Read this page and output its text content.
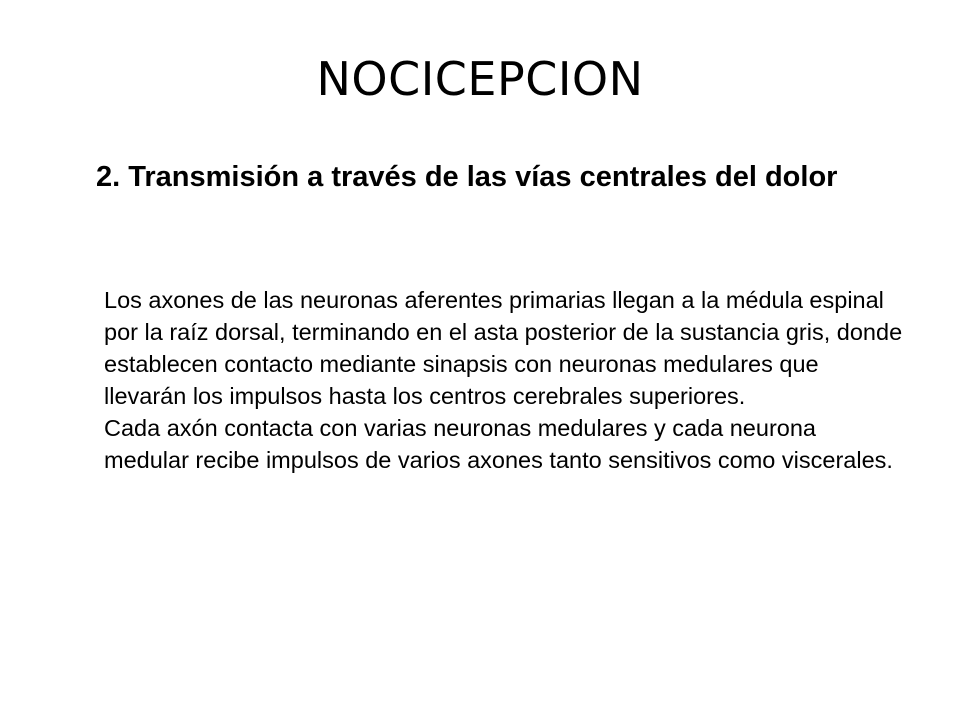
NOCICEPCION
2. Transmisión a través de las vías centrales del dolor

Los axones de las neuronas aferentes primarias llegan a la médula espinal por la raíz dorsal, terminando en el asta posterior de la sustancia gris, donde establecen contacto mediante sinapsis con neuronas medulares que llevarán los impulsos hasta los centros cerebrales superiores.

Cada axón contacta con varias neuronas medulares y cada neurona medular recibe impulsos de varios axones tanto sensitivos como viscerales.
